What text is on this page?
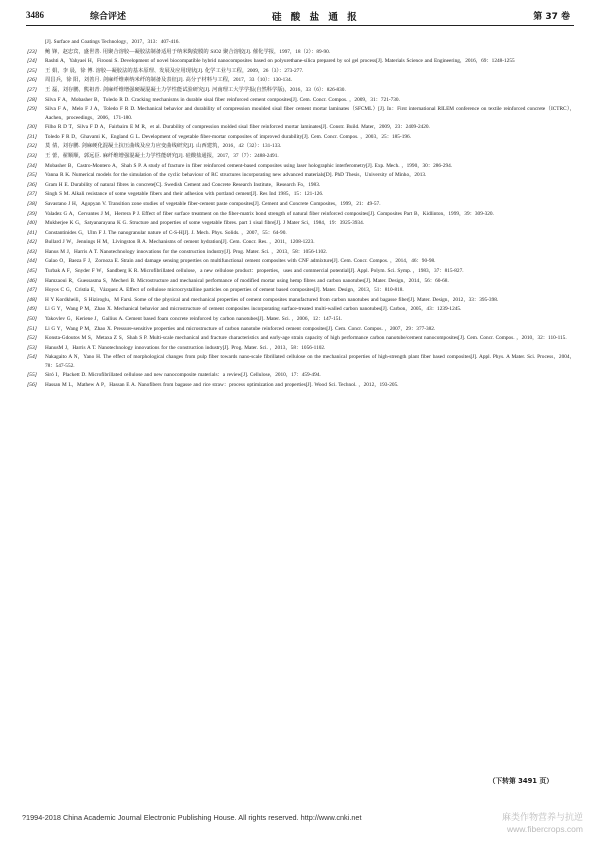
3486	综合评述	硅 酸 盐 通 报	第 37 卷
[J]. Surface and Coatings Technology，2017，313：407-416.
[23] 鲍 锋，赵忠宾，盛世善. 用聚合溶胶—凝胶法制备适用于纳米陶瓷膜的 SiO2 聚合溶胶[J]. 催化学报，1997，18（2）：89-90.
[24] Rashti A，Yahyaei H，Firooni S. Development of novel biocompatible hybrid nanocomposites based on polyurethane-silica prepared by sol gel process[J]. Materials Science and Engineering，2016，69：1248-1255
[25] 王 娟，李 晨，徐 博. 溶胶—凝胶法的基本原理、发展及应用现状[J]. 化学工业与工程，2009，26（3）：273-277.
[26] 周昌兵，徐 阳，刘善月. 剑麻纤维素纳米纤的制备及表征[J]. 高分子材料与工程，2017，33（10）：130-134.
[27] 王 磊，刘存鹏，熊祖青. 剑麻纤维增强硬凝混凝土力学性能试验研究[J]. 河南理工大学学报(自然科学版)，2016，33（6）：826-830.
[28] Silva F A，Mobasher B，Toledo R D. Cracking mechanisms in durable sisal fiber reinforced cement composites[J]. Cem. Concr. Compos. ，2009，31：721-730.
[29] Silva F A，Melo F J A，Toledo F R D. Mechanical behavior and durability of compression moulded sisal fiber cement mortar laminates（SFCML）[J]. In：First international RILEM conference on textile reinforced concrete（ICTRC），Aachen，proceedings，2006，171-180.
[30] Filho R D T，Silva F D A，Fairbairn E M R，et al. Durability of compression molded sisal fiber reinforced mortar laminates[J]. Constr. Build. Mater，2009，23：2409-2420.
[31] Toledo F R D，Ghavami K，England G L. Development of vegetable fiber-mortar composites of improved durability[J]. Cem. Concr. Compos. ，2003，25：185-196.
[32] 莫 倩，刘存鹏. 剑麻硬化混凝土抗压曲线及应力应变曲线研究[J]. 山西建筑，2016，42（32）：131-133.
[33] 王 蕾，翟顺顺，郭远臣. 麻纤维增强混凝土力学性能研究[J]. 硅酸盐通报，2017，37（7）：2488-2491.
[34] Mobasher B，Castro-Montero A，Shah S P. A study of fracture in fiber reinforced cement-based composites using laser holographic interferometry[J]. Exp. Mech. ，1990，30：286-294.
[35] Vanna R K. Numerical models for the simulation of the cyclic behaviour of RC structures incorporating new advanced materials[D]. PhD Thesis，University of Minho，2013.
[36] Gram H E. Durability of natural fibres in concrete[C]. Swedish Cement and Concrete Research Institute，Research Fo，1983.
[37] Singh S M. Alkali resistance of some vegetable fibers and their adhesion with portland cement[J]. Res Ind 1985，15：121-126.
[38] Savastano J H，Agopyan V. Transition zone studies of vegetable fiber-cement paste composites[J]. Cement and Concrete Composites，1999，21：49-57.
[39] Valadez G A，Cervantes J M，Herrera P J. Effect of fiber surface treatment on the fiber-matrix bond strength of natural fiber reinforced composites[J]. Composites Part B，Kidlinton，1999，39：309-320.
[40] Mukherjee K G，Satyanarayana K G. Structure and properties of some vegetable fibres. part 1 sisal fibre[J]. J Mater Sci，1984，19：3925-3934.
[41] Constantinides G，Ulm F J. The nanogranular nature of C-S-H[J]. J. Mech. Phys. Solids. ，2007，55：64-90.
[42] Bullard J W，Jennings H M，Livingston R A. Mechanisms of cement hydration[J]. Cem. Concr. Res. ，2011，1208-1223.
[43] Hanus M J，Harris A T. Nanotechnology innovations for the construction industry[J]. Prog. Mater. Sci. ，2013，58：1056-1102.
[44] Galao O，Baeza F J，Zornoza E. Strain and damage sensing properties on multifunctional cement composites with CNF admixture[J]. Cem. Concr. Compos. ，2014，46：90-98.
[45] Turbak A F，Snyder F W，Sandberg K R. Microfibrillated cellulose，a new cellulose product：properties，uses and commercial potential[J]. Appl. Polym. Sci. Symp. ，1983，37：815-827.
[46] Hamzaoui R，Guessasma S，Mecheri B. Microstructure and mechanical performance of modified mortar using hemp fibres and carbon nanotubes[J]. Mater. Design，2014，56：60-68.
[47] Hoyos C G，Cristia E，Vázquez A. Effect of cellulose microcrystalline particles on properties of cement based composites[J]. Mater. Design，2013，51：810-818.
[48] H Y Kordkheili，S Hiziroglu，M Farsi. Some of the physical and mechanical properties of cement composites manufactured from carbon nanotubes and bagasse fiber[J]. Mater. Design，2012，33：395-398.
[49] Li G Y，Wang P M，Zhao X. Mechanical behavior and microstructure of cement composites incorporating surface-treated multi-walled carbon nanotubes[J]. Carbon，2005，43：1239-1245.
[50] Yakovlev G，Keriene J，Gailius A. Cement based foam concrete reinforced by carbon nanotubes[J]. Mater. Sci. ，2006，12：147-151.
[51] Li G Y，Wang P M，Zhao X. Pressure-sensitive properties and microstructure of carbon nanotube reinforced cement composites[J]. Cem. Concr. Compos. ，2007，29：377-382.
[52] Konsta-Gdoutos M S，Metaxa Z S，Shah S P. Multi-scale mechanical and fracture characteristics and early-age strain capacity of high performance carbon nanotube/cement nanocomposites[J]. Cem. Concr. Compos. ，2010，32：110-115.
[53] HanusM J，Harris A T. Nanotechnology innovations for the construction industry[J]. Prog. Mater. Sci. ，2013，58：1056-1102.
[54] Nakagaito A N，Yano H. The effect of morphological changes from pulp fiber towards nano-scale fibrillated cellulose on the mechanical properties of high-strength plant fiber based composites[J]. Appl. Phys. A Mater. Sci. Process，2004，78：547-552.
[55] Siró I，Plackett D. Microfibrillated cellulose and new nanocomposite materials：a review[J]. Cellulose，2010，17：459-494.
[56] Hassan M L，Mathew A P，Hassan E A. Nanofibers from bagasse and rice straw：process optimization and properties[J]. Wood Sci. Technol. ，2012，193-205.
（下转第 3491 页）
?1994-2018 China Academic Journal Electronic Publishing House. All rights reserved. http://www.cnki.net	麻类作物营养与抗逆
www.fibercrops.com
